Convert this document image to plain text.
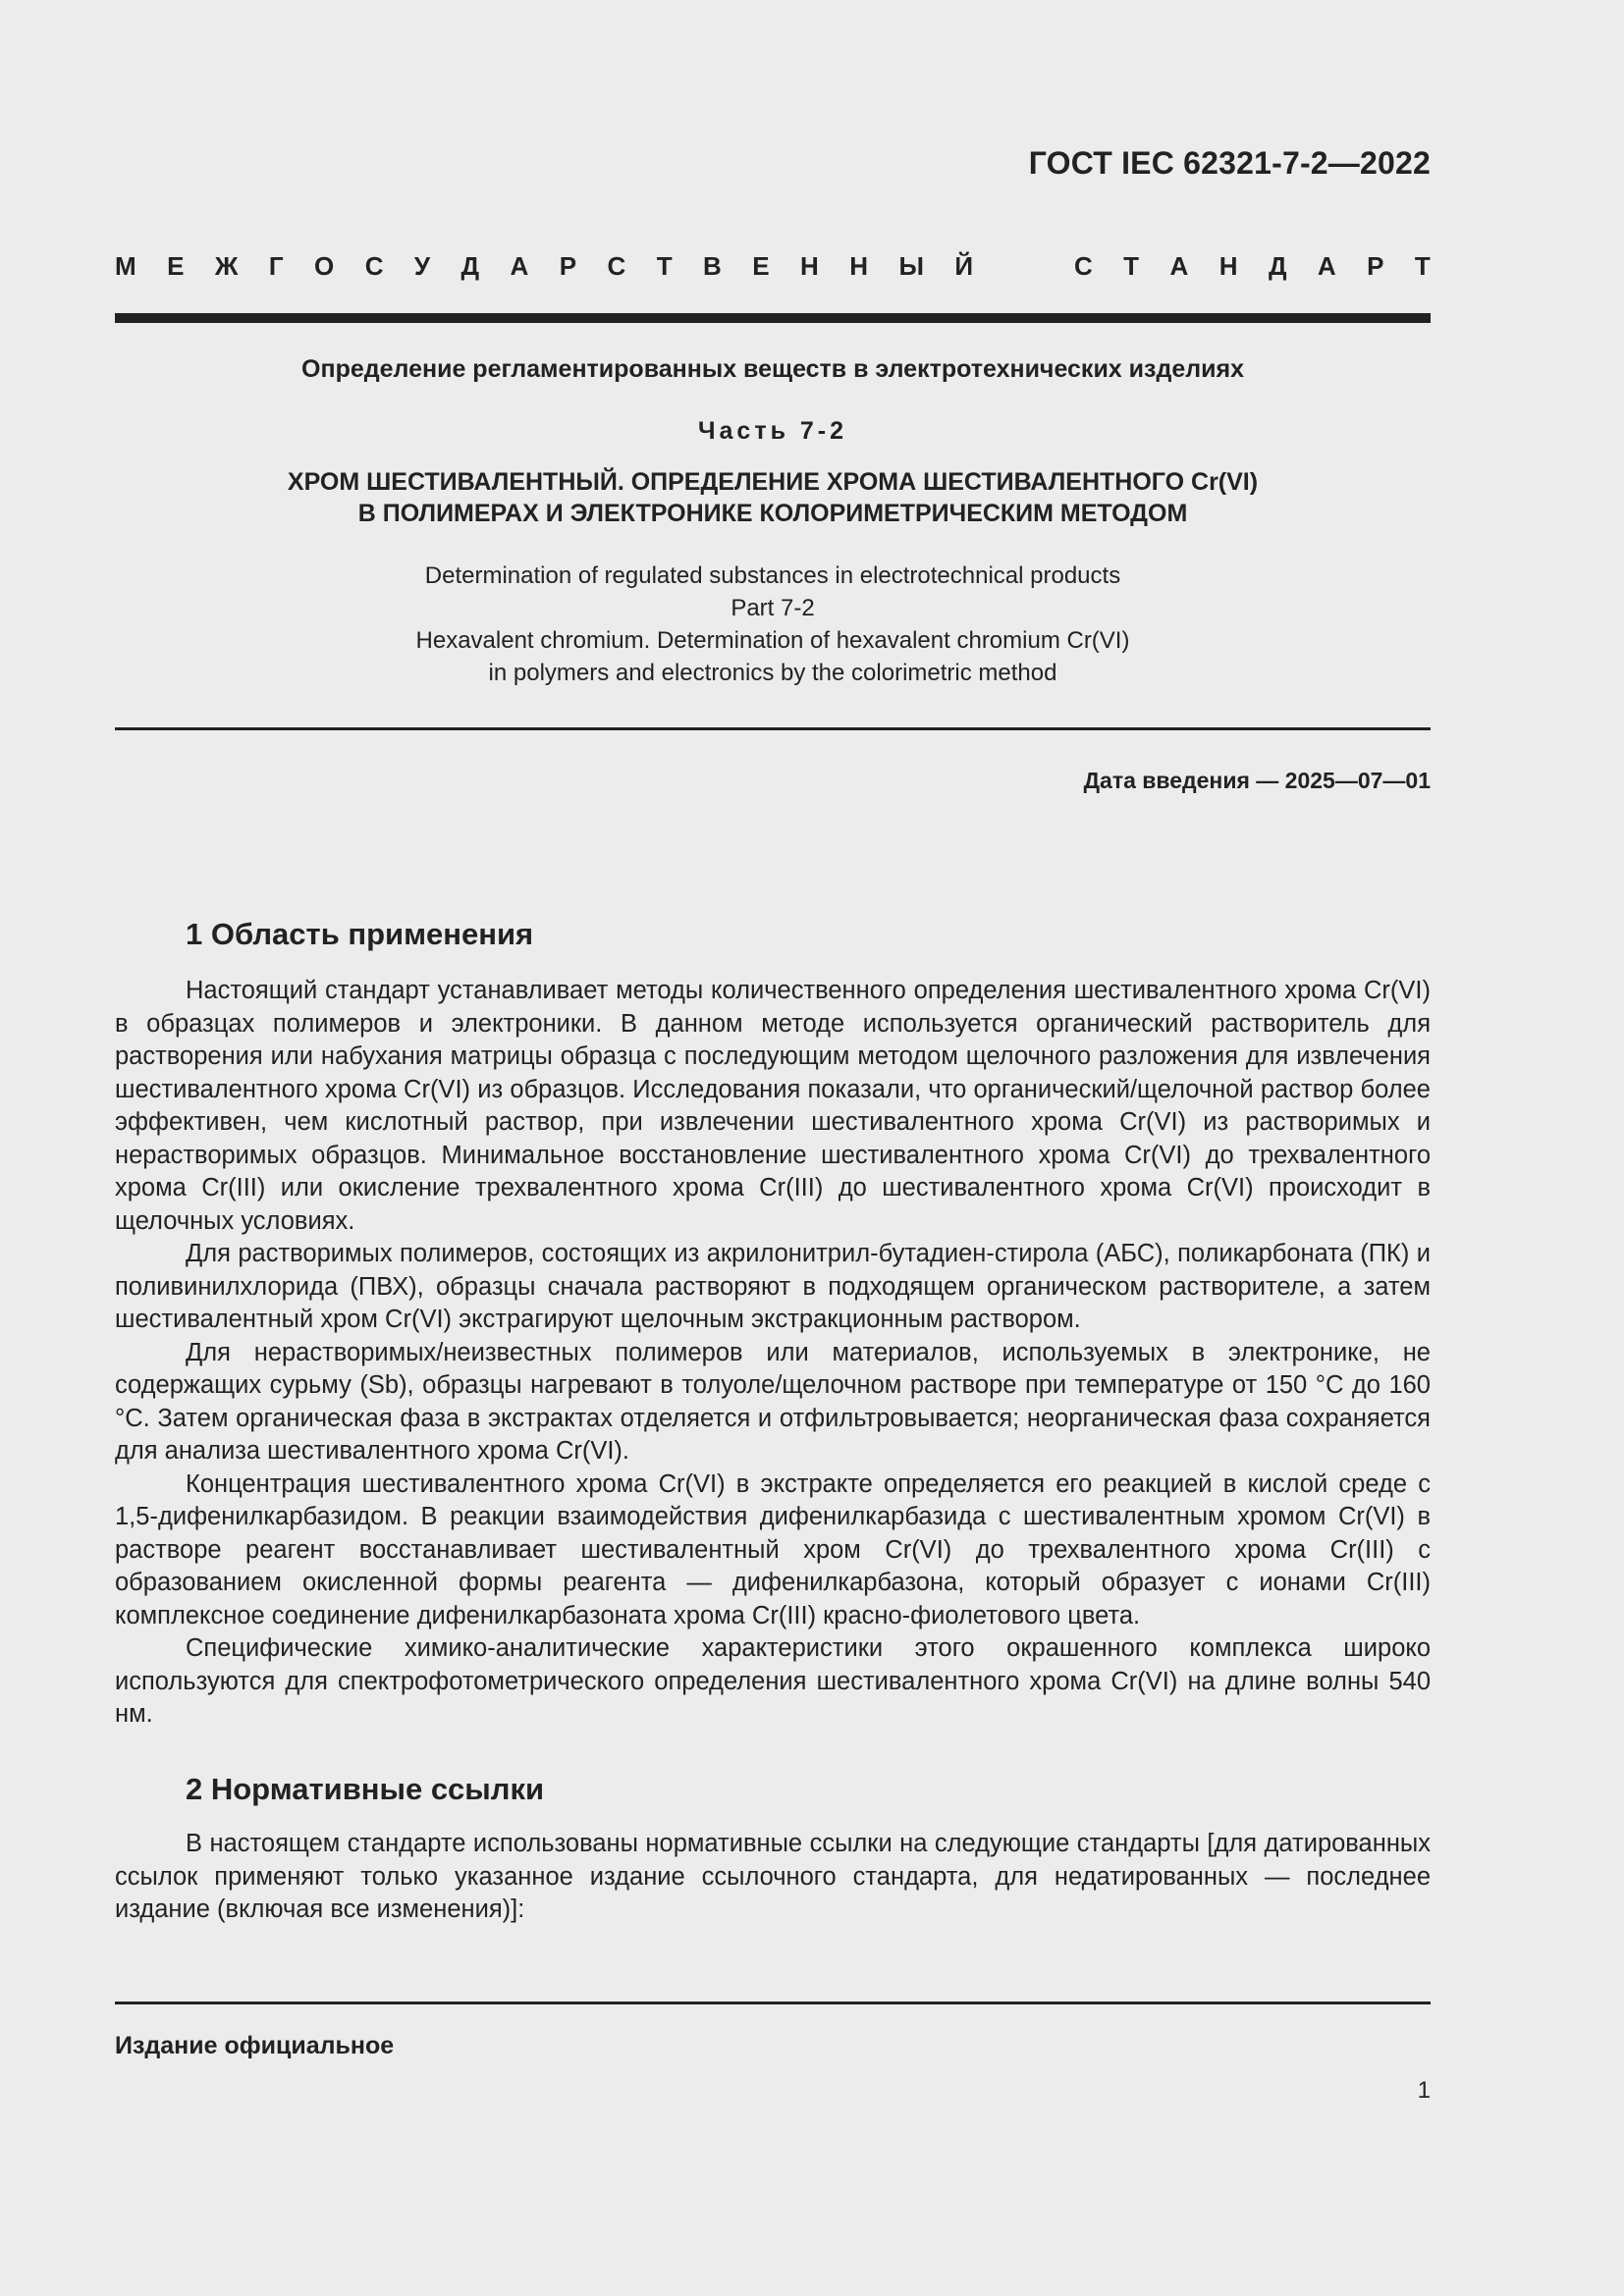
ГОСТ IEC 62321-7-2—2022
М Е Ж Г О С У Д А Р С Т В Е Н Н Ы Й	С Т А Н Д А Р Т
Определение регламентированных веществ в электротехнических изделиях
Часть 7-2
ХРОМ ШЕСТИВАЛЕНТНЫЙ. ОПРЕДЕЛЕНИЕ ХРОМА ШЕСТИВАЛЕНТНОГО Cr(VI)
В ПОЛИМЕРАХ И ЭЛЕКТРОНИКЕ КОЛОРИМЕТРИЧЕСКИМ МЕТОДОМ
Determination of regulated substances in electrotechnical products
Part 7-2
Hexavalent chromium. Determination of hexavalent chromium Cr(VI)
in polymers and electronics by the colorimetric method
Дата введения — 2025—07—01
1 Область применения

Настоящий стандарт устанавливает методы количественного определения шестивалентного хрома Cr(VI) в образцах полимеров и электроники. В данном методе используется органический растворитель для растворения или набухания матрицы образца с последующим методом щелочного разложения для извлечения шестивалентного хрома Cr(VI) из образцов. Исследования показали, что органический/щелочной раствор более эффективен, чем кислотный раствор, при извлечении шестивалентного хрома Cr(VI) из растворимых и нерастворимых образцов. Минимальное восстановление шестивалентного хрома Cr(VI) до трехвалентного хрома Cr(III) или окисление трехвалентного хрома Cr(III) до шестивалентного хрома Cr(VI) происходит в щелочных условиях.

Для растворимых полимеров, состоящих из акрилонитрил-бутадиен-стирола (АБС), поликарбоната (ПК) и поливинилхлорида (ПВХ), образцы сначала растворяют в подходящем органическом растворителе, а затем шестивалентный хром Cr(VI) экстрагируют щелочным экстракционным раствором.

Для нерастворимых/неизвестных полимеров или материалов, используемых в электронике, не содержащих сурьму (Sb), образцы нагревают в толуоле/щелочном растворе при температуре от 150 °С до 160 °С. Затем органическая фаза в экстрактах отделяется и отфильтровывается; неорганическая фаза сохраняется для анализа шестивалентного хрома Cr(VI).

Концентрация шестивалентного хрома Cr(VI) в экстракте определяется его реакцией в кислой среде с 1,5-дифенилкарбазидом. В реакции взаимодействия дифенилкарбазида с шестивалентным хромом Cr(VI) в растворе реагент восстанавливает шестивалентный хром Cr(VI) до трехвалентного хрома Cr(III) с образованием окисленной формы реагента — дифенилкарбазона, который образует с ионами Cr(III) комплексное соединение дифенилкарбазоната хрома Cr(III) красно-фиолетового цвета.

Специфические химико-аналитические характеристики этого окрашенного комплекса широко используются для спектрофотометрического определения шестивалентного хрома Cr(VI) на длине волны 540 нм.

2 Нормативные ссылки

В настоящем стандарте использованы нормативные ссылки на следующие стандарты [для датированных ссылок применяют только указанное издание ссылочного стандарта, для недатированных — последнее издание (включая все изменения)]:

Издание официальное
1
